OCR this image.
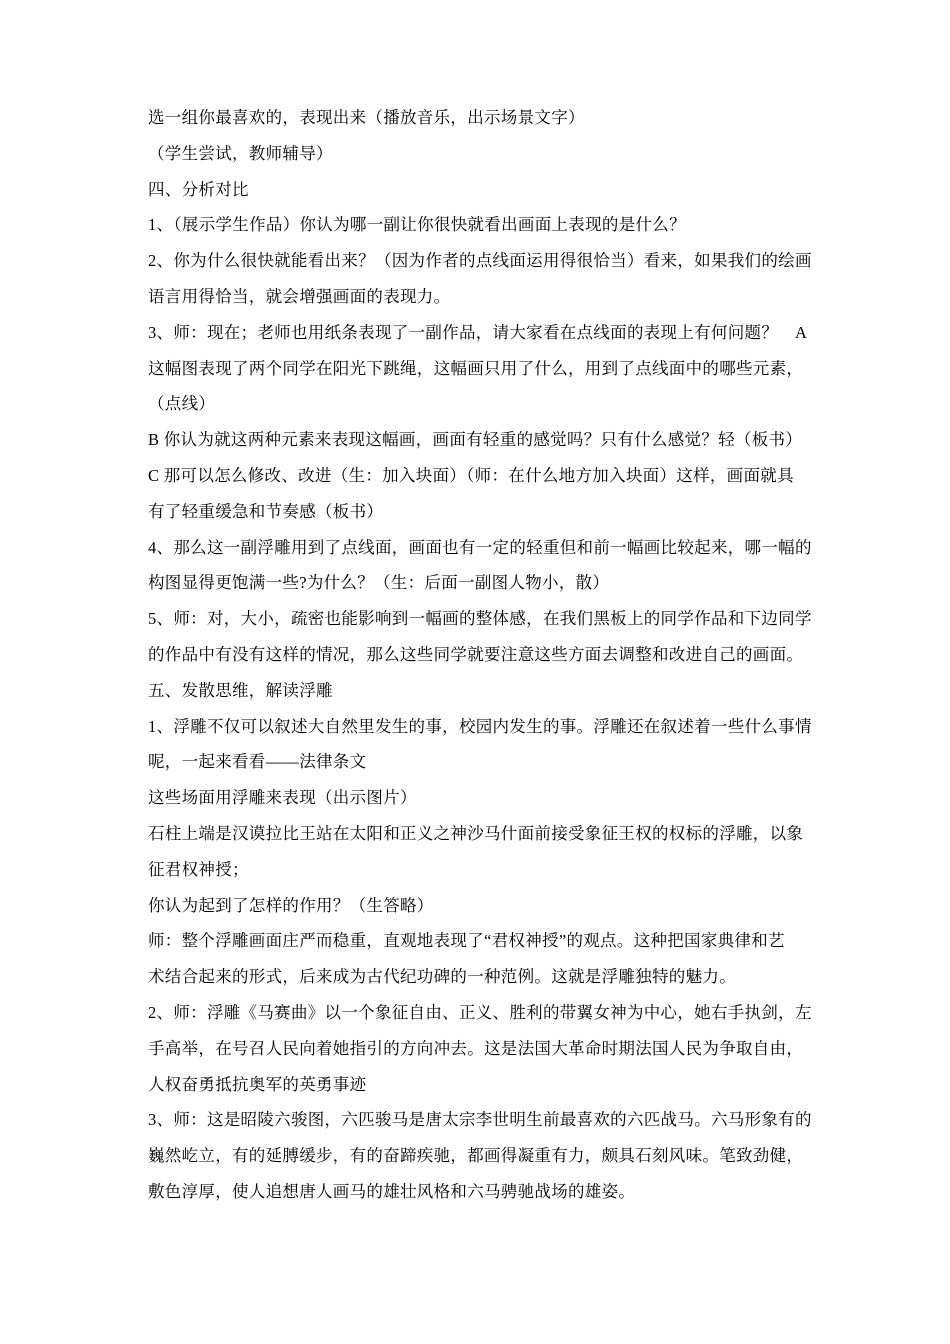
选一组你最喜欢的，表现出来（播放音乐，出示场景文字）

（学生尝试，教师辅导）

四、分析对比

1、（展示学生作品）你认为哪一副让你很快就看出画面上表现的是什么？

2、你为什么很快就能看出来？（因为作者的点线面运用得很恰当）看来，如果我们的绘画

语言用得恰当，就会增强画面的表现力。

3、师：现在；老师也用纸条表现了一副作品，请大家看在点线面的表现上有何问题？　A

这幅图表现了两个同学在阳光下跳绳，这幅画只用了什么，用到了点线面中的哪些元素，

（点线）

B 你认为就这两种元素来表现这幅画，画面有轻重的感觉吗？只有什么感觉？轻（板书）

C 那可以怎么修改、改进（生：加入块面）（师：在什么地方加入块面）这样，画面就具

有了轻重缓急和节奏感（板书）

4、那么这一副浮雕用到了点线面，画面也有一定的轻重但和前一幅画比较起来，哪一幅的

构图显得更饱满一些?为什么？（生：后面一副图人物小，散）

5、师：对，大小，疏密也能影响到一幅画的整体感，在我们黑板上的同学作品和下边同学

的作品中有没有这样的情况，那么这些同学就要注意这些方面去调整和改进自己的画面。

五、发散思维，解读浮雕

1、浮雕不仅可以叙述大自然里发生的事，校园内发生的事。浮雕还在叙述着一些什么事情

呢，一起来看看——法律条文

这些场面用浮雕来表现（出示图片）

石柱上端是汉谟拉比王站在太阳和正义之神沙马什面前接受象征王权的权标的浮雕，以象

征君权神授；

你认为起到了怎样的作用？（生答略）

师：整个浮雕画面庄严而稳重，直观地表现了“君权神授”的观点。这种把国家典律和艺

术结合起来的形式，后来成为古代纪功碑的一种范例。这就是浮雕独特的魅力。

2、师：浮雕《马赛曲》以一个象征自由、正义、胜利的带翼女神为中心，她右手执剑，左

手高举，在号召人民向着她指引的方向冲去。这是法国大革命时期法国人民为争取自由，

人权奋勇抵抗奥军的英勇事迹

3、师：这是昭陵六骏图，六匹骏马是唐太宗李世明生前最喜欢的六匹战马。六马形象有的

巍然屹立，有的延膊缓步，有的奋蹄疾驰，都画得凝重有力，颇具石刻风味。笔致劲健，

敷色淳厚，使人追想唐人画马的雄壮风格和六马骋驰战场的雄姿。
